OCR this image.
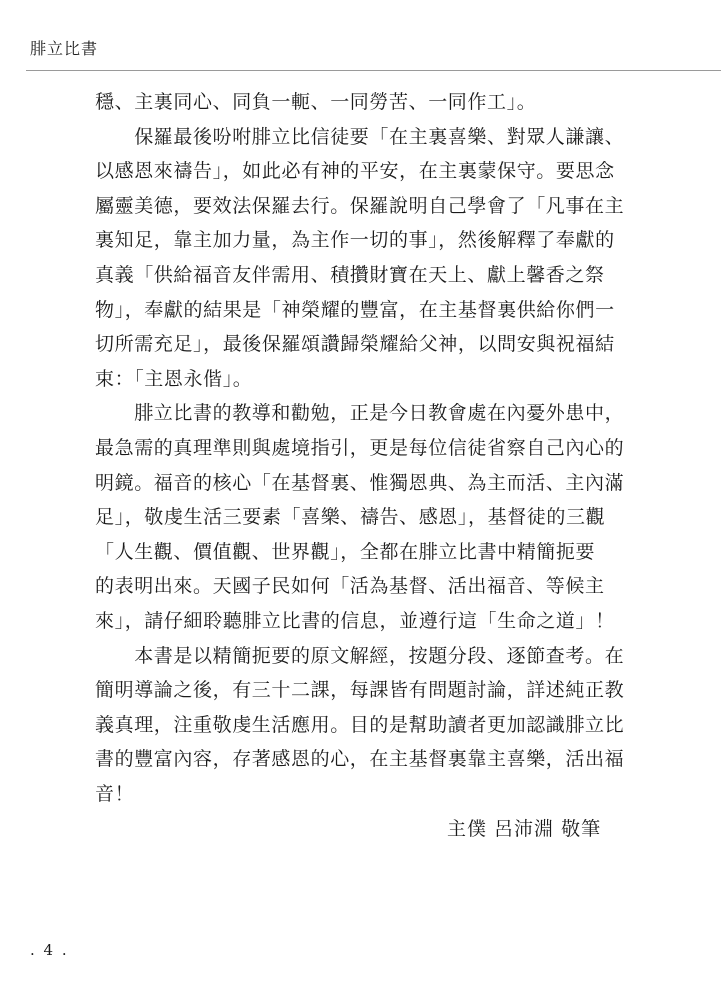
腓立比書

穩、主裏同心、同負一軛、一同勞苦、一同作工」。

　　保羅最後吩咐腓立比信徒要「在主裏喜樂、對眾人謙讓、
以感恩來禱告」，如此必有神的平安，在主裏蒙保守。要思念
屬靈美德，要效法保羅去行。保羅說明自己學會了「凡事在主
裏知足，靠主加力量，為主作一切的事」，然後解釋了奉獻的
真義「供給福音友伴需用、積攢財寶在天上、獻上馨香之祭
物」，奉獻的結果是「神榮耀的豐富，在主基督裏供給你們一
切所需充足」，最後保羅頌讚歸榮耀給父神，以問安與祝福結
束：「主恩永偕」。

　　腓立比書的教導和勸勉，正是今日教會處在內憂外患中，
最急需的真理準則與處境指引，更是每位信徒省察自己內心的
明鏡。福音的核心「在基督裏、惟獨恩典、為主而活、主內滿
足」，敬虔生活三要素「喜樂、禱告、感恩」，基督徒的三觀
「人生觀、價值觀、世界觀」，全都在腓立比書中精簡扼要
的表明出來。天國子民如何「活為基督、活出福音、等候主
來」，請仔細聆聽腓立比書的信息，並遵行這「生命之道」！

　　本書是以精簡扼要的原文解經，按題分段、逐節查考。在
簡明導論之後，有三十二課，每課皆有問題討論，詳述純正教
義真理，注重敬虔生活應用。目的是幫助讀者更加認識腓立比
書的豐富內容，存著感恩的心，在主基督裏靠主喜樂，活出福
音！

主僕 呂沛淵 敬筆
. 4 .
